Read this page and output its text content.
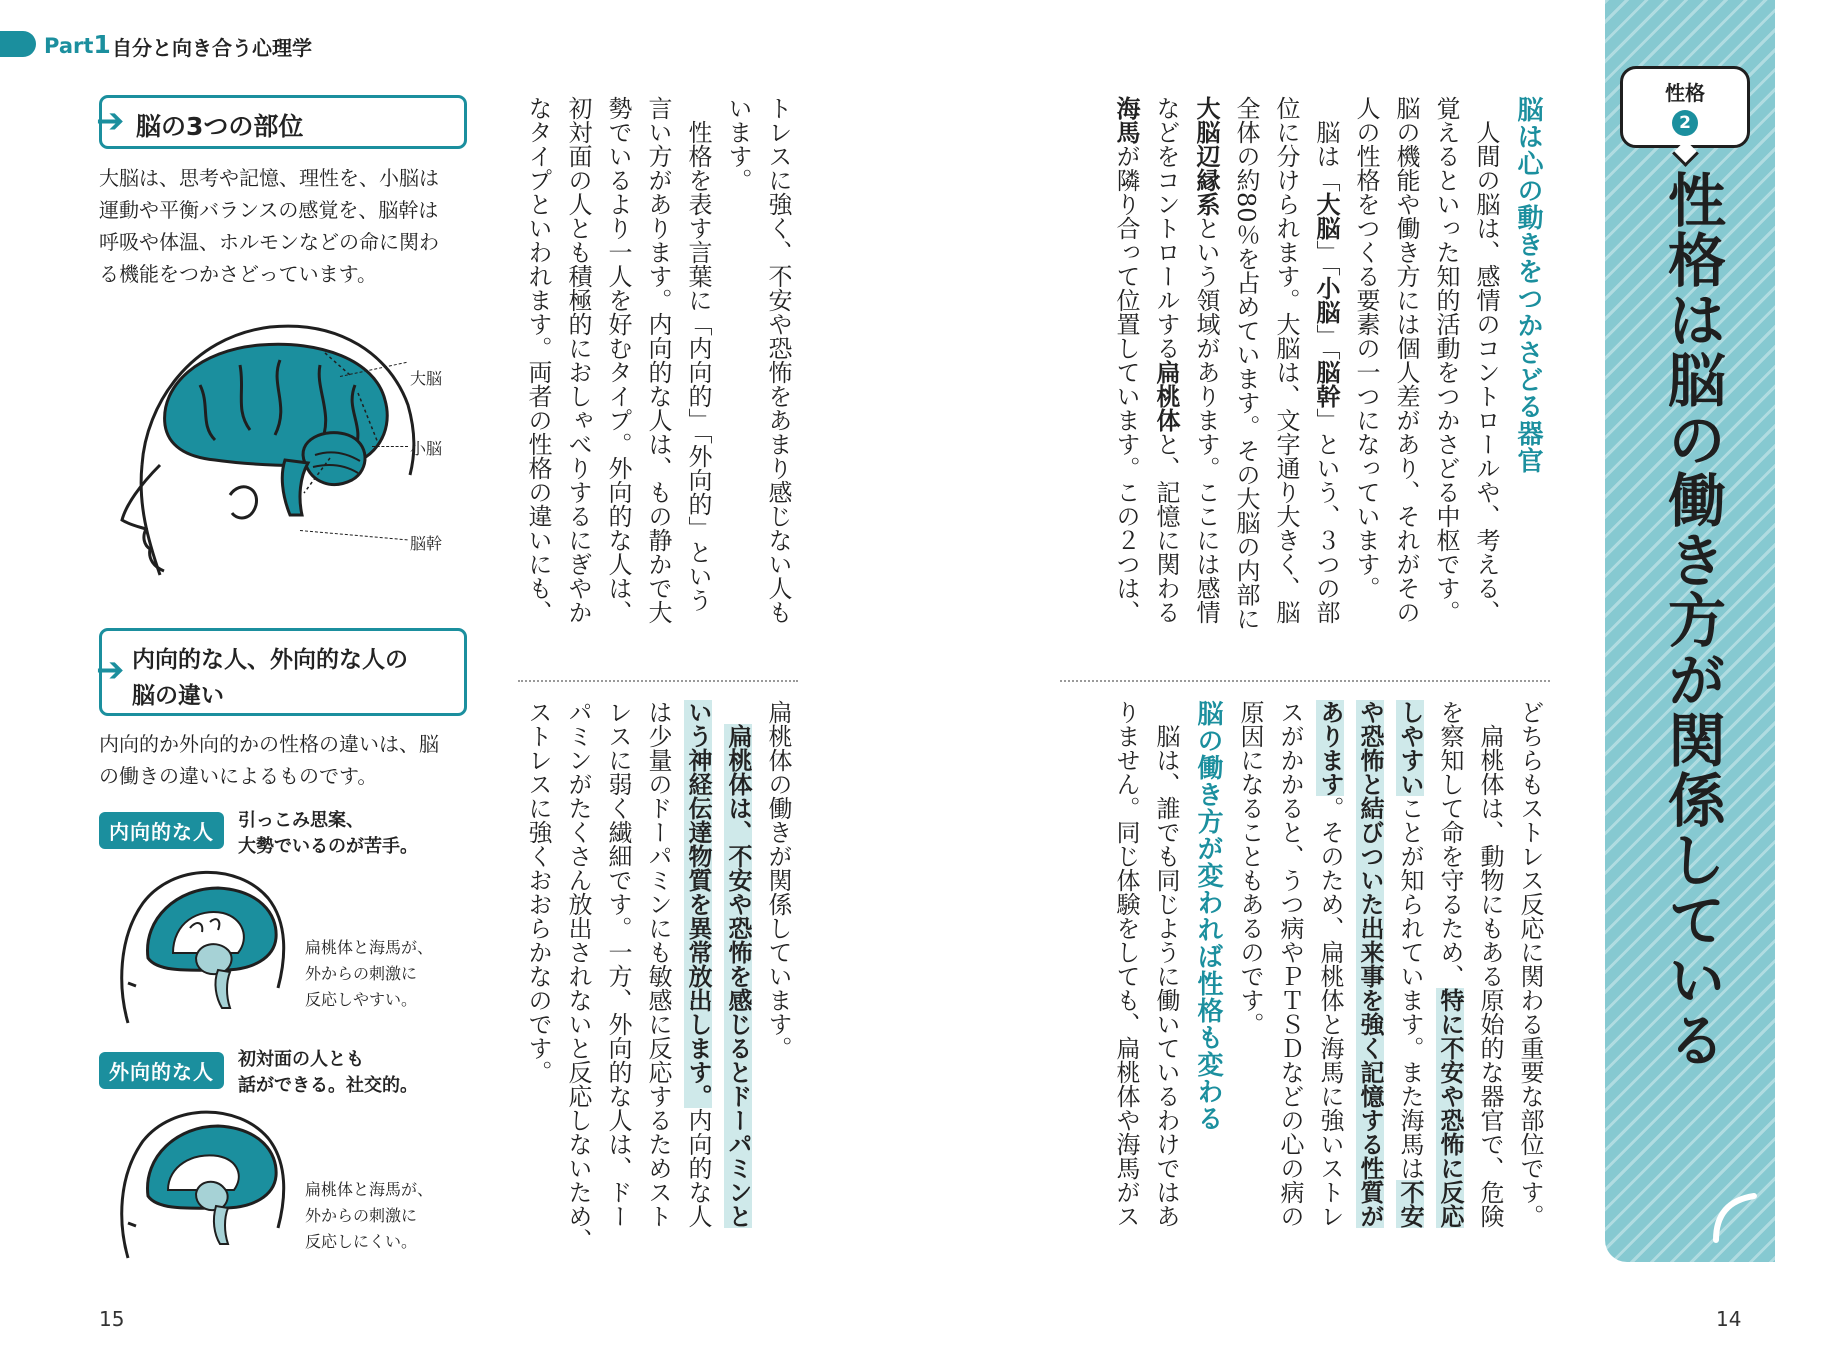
Part1 自分と向き合う心理学
➔ 脳の3つの部位
大脳は、思考や記憶、理性を、小脳は
運動や平衡バランスの感覚を、脳幹は
呼吸や体温、ホルモンなどの命に関わ
る機能をつかさどっています。
大脳
小脳
脳幹
➔ 内向的な人、外向的な人の
脳の違い
内向的か外向的かの性格の違いは、脳
の働きの違いによるものです。
内向的な人	引っこみ思案、
大勢でいるのが苦手。
扁桃体と海馬が、
外からの刺激に
反応しやすい。
外向的な人
初対面の人とも
話ができる。社交的。
扁桃体と海馬が、
外からの刺激に
反応しにくい。
15
トレスに強く、不安や恐怖をあまり感じない人も
います。
　性格を表す言葉に「内向的」「外向的」という
言い方があります。内向的な人は、もの静かで大
勢でいるより一人を好むタイプ。外向的な人は、
初対面の人とも積極的におしゃべりするにぎやか
なタイプといわれます。両者の性格の違いにも、
扁桃体の働きが関係しています。
　扁桃体は、不安や恐怖を感じるとドーパミンと
いう神経伝達物質を異常放出します。内向的な人
は少量のドーパミンにも敏感に反応するためスト
レスに弱く繊細です。一方、外向的な人は、ドー
パミンがたくさん放出されないと反応しないため、
ストレスに強くおおらかなのです。
脳は心の動きをつかさどる器官
　人間の脳は、感情のコントロールや、考える、
覚えるといった知的活動をつかさどる中枢です。
脳の機能や働き方には個人差があり、それがその
人の性格をつくる要素の一つになっています。
　脳は「大脳」「小脳」「脳幹」という、３つの部
位に分けられます。大脳は、文字通り大きく、脳
全体の約80％を占めています。その大脳の内部に
大脳辺縁系という領域があります。ここには感情
などをコントロールする扁桃体と、記憶に関わる
海馬が隣り合って位置しています。この２つは、
どちらもストレス反応に関わる重要な部位です。
　扁桃体は、動物にもある原始的な器官で、危険
を察知して命を守るため、特に不安や恐怖に反応
しやすいことが知られています。また海馬は不安
や恐怖と結びついた出来事を強く記憶する性質が
あります。そのため、扁桃体と海馬に強いストレ
スがかかると、うつ病やＰＴＳＤなどの心の病の
原因になることもあるのです。
脳の働き方が変われば性格も変わる
　脳は、誰でも同じように働いているわけではあ
りません。同じ体験をしても、扁桃体や海馬がス
性格
2
性格は脳の働き方が関係している
14
